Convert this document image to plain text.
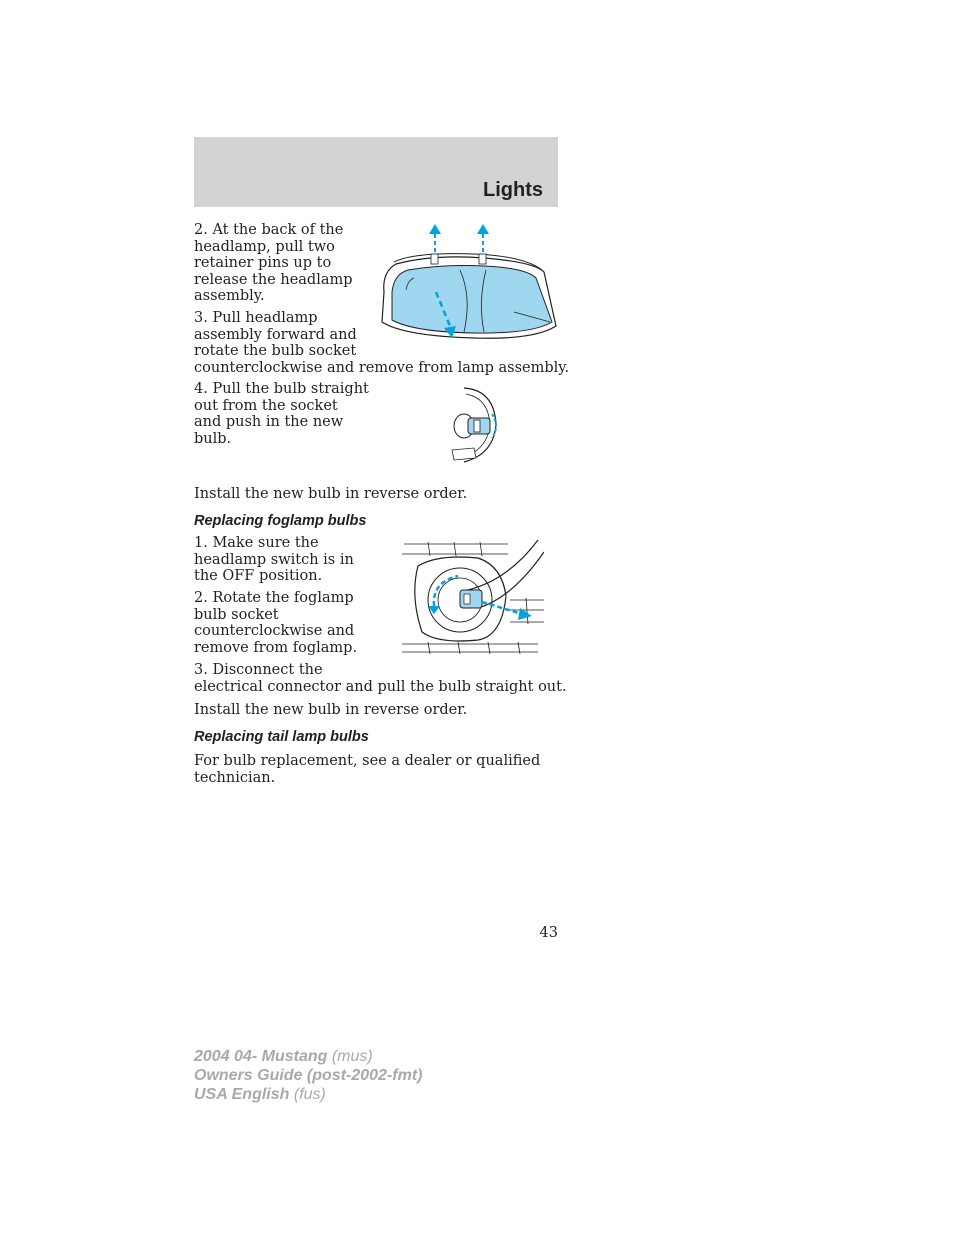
Lights

2. At the back of the
headlamp, pull two
retainer pins up to
release the headlamp
assembly.

3. Pull headlamp
assembly forward and
rotate the bulb socket
counterclockwise and remove from lamp assembly.

4. Pull the bulb straight
out from the socket
and push in the new
bulb.

Install the new bulb in reverse order.

Replacing foglamp bulbs

1. Make sure the
headlamp switch is in
the OFF position.

2. Rotate the foglamp
bulb socket
counterclockwise and
remove from foglamp.

3. Disconnect the
electrical connector and pull the bulb straight out.

Install the new bulb in reverse order.

Replacing tail lamp bulbs

For bulb replacement, see a dealer or qualified
technician.

43
2004 04- Mustang (mus)
Owners Guide (post-2002-fmt)
USA English (fus)
